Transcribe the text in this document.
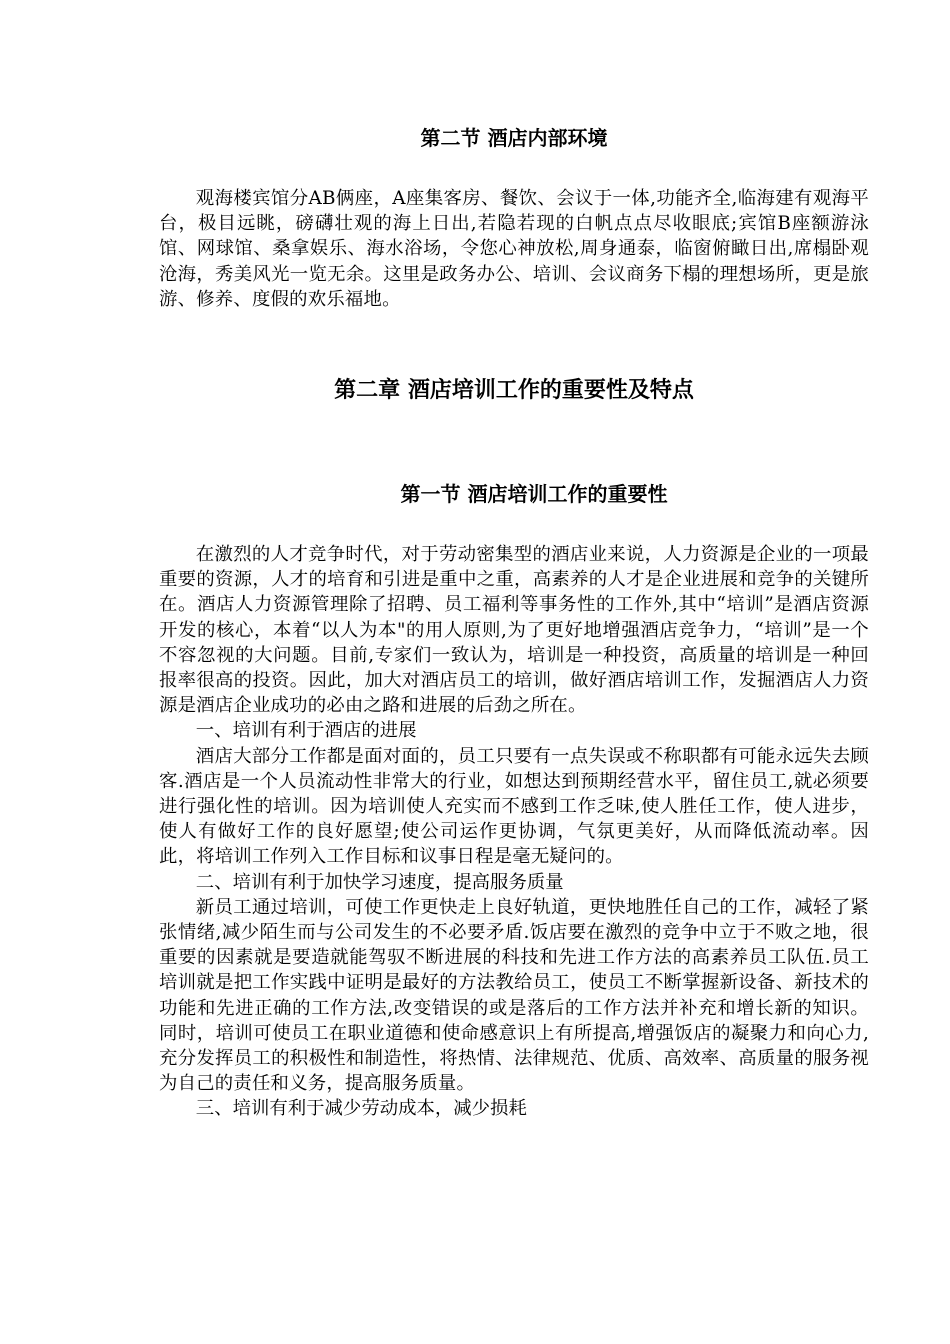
第二节 酒店内部环境

观海楼宾馆分AB俩座，A座集客房、餐饮、会议于一体,功能齐全,临海建有观海平台，极目远眺，磅礴壮观的海上日出,若隐若现的白帆点点尽收眼底;宾馆B座额游泳馆、网球馆、桑拿娱乐、海水浴场，令您心神放松,周身通泰，临窗俯瞰日出,席榻卧观沧海，秀美风光一览无余。这里是政务办公、培训、会议商务下榻的理想场所，更是旅游、修养、度假的欢乐福地。

第二章 酒店培训工作的重要性及特点
第一节 酒店培训工作的重要性

在激烈的人才竞争时代，对于劳动密集型的酒店业来说，人力资源是企业的一项最重要的资源，人才的培育和引进是重中之重，高素养的人才是企业进展和竞争的关键所在。酒店人力资源管理除了招聘、员工福利等事务性的工作外,其中“培训”是酒店资源开发的核心，本着“以人为本"的用人原则,为了更好地增强酒店竞争力，“培训”是一个不容忽视的大问题。目前,专家们一致认为，培训是一种投资，高质量的培训是一种回报率很高的投资。因此，加大对酒店员工的培训，做好酒店培训工作，发掘酒店人力资源是酒店企业成功的必由之路和进展的后劲之所在。

一、培训有利于酒店的进展

酒店大部分工作都是面对面的，员工只要有一点失误或不称职都有可能永远失去顾客.酒店是一个人员流动性非常大的行业，如想达到预期经营水平，留住员工,就必须要进行强化性的培训。因为培训使人充实而不感到工作乏味,使人胜任工作，使人进步，使人有做好工作的良好愿望;使公司运作更协调，气氛更美好，从而降低流动率。因此，将培训工作列入工作目标和议事日程是毫无疑问的。

二、培训有利于加快学习速度，提高服务质量

新员工通过培训，可使工作更快走上良好轨道，更快地胜任自己的工作，减轻了紧张情绪,减少陌生而与公司发生的不必要矛盾.饭店要在激烈的竞争中立于不败之地，很重要的因素就是要造就能驾驭不断进展的科技和先进工作方法的高素养员工队伍.员工培训就是把工作实践中证明是最好的方法教给员工，使员工不断掌握新设备、新技术的功能和先进正确的工作方法,改变错误的或是落后的工作方法并补充和增长新的知识。同时，培训可使员工在职业道德和使命感意识上有所提高,增强饭店的凝聚力和向心力,充分发挥员工的积极性和制造性，将热情、法律规范、优质、高效率、高质量的服务视为自己的责任和义务，提高服务质量。

三、培训有利于减少劳动成本，减少损耗
